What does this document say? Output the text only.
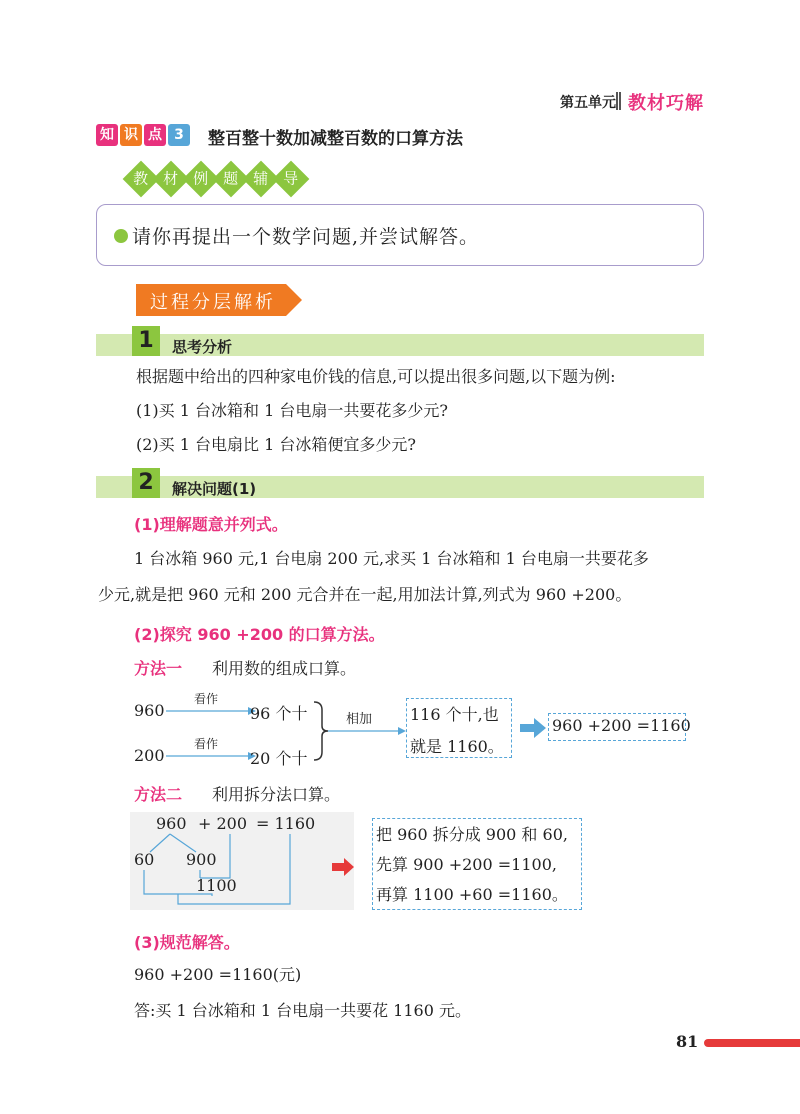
第五单元 教材巧解
知 识 点 3	整百整十数加减整百数的口算方法
教 材 例 题 辅 导
请你再提出一个数学问题,并尝试解答。
过程分层解析
1	思考分析
根据题中给出的四种家电价钱的信息,可以提出很多问题,以下题为例:
(1)买 1 台冰箱和 1 台电扇一共要花多少元?
(2)买 1 台电扇比 1 台冰箱便宜多少元?
2	解决问题(1)
(1)理解题意并列式。
1 台冰箱 960 元,1 台电扇 200 元,求买 1 台冰箱和 1 台电扇一共要花多
少元,就是把 960 元和 200 元合并在一起,用加法计算,列式为 960 +200。
(2)探究 960 +200 的口算方法。
方法一 利用数的组成口算。
960
200
看作
看作
96 个十
20 个十
相加 116 个十,也
就是 1160。
960 +200 =1160
方法二 利用拆分法口算。
960 + 200 = 1160
60 900
1100
把 960 拆分成 900 和 60,
先算 900 +200 =1100,
再算 1100 +60 =1160。
(3)规范解答。
960 +200 =1160(元)
答:买 1 台冰箱和 1 台电扇一共要花 1160 元。
81
